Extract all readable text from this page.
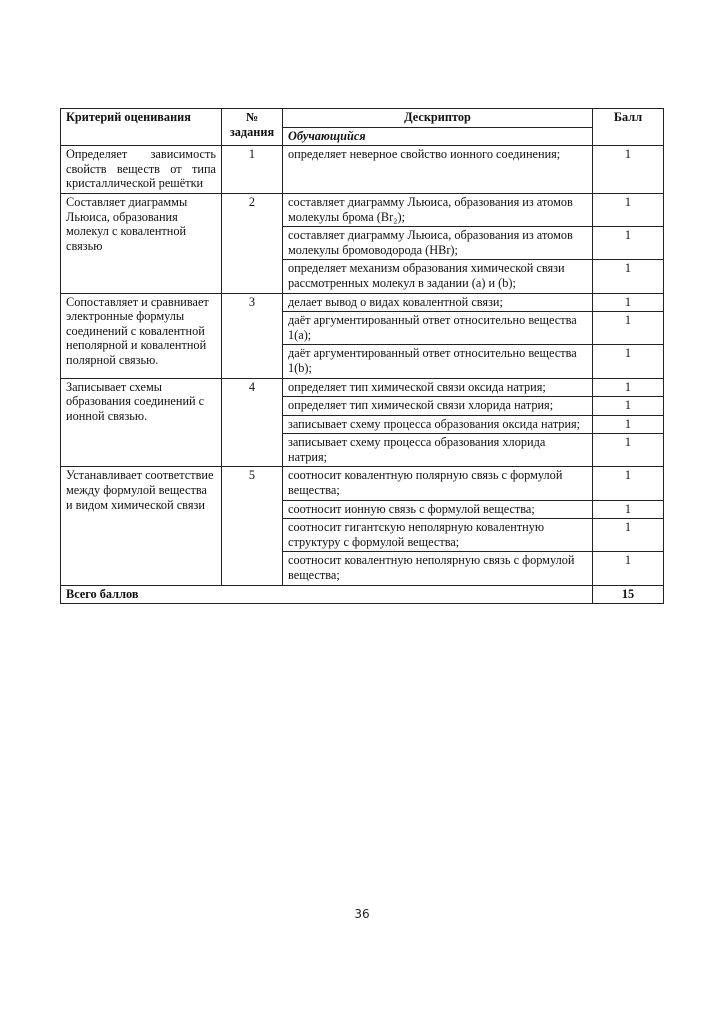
Критерий оценивания	№ задания	Дескриптор	Балл
		Обучающийся	
Определяет зависимость свойств веществ от типа кристаллической решётки	1	определяет неверное свойство ионного соединения;	1
Составляет диаграммы Льюиса, образования молекул с ковалентной связью	2	составляет диаграмму Льюиса, образования из атомов молекулы брома (Br₂);	1
		составляет диаграмму Льюиса, образования из атомов молекулы бромоводорода (HBr);	1
		определяет механизм образования химической связи рассмотренных молекул в задании (a) и (b);	1
Сопоставляет и сравнивает электронные формулы соединений с ковалентной неполярной и ковалентной полярной связью.	3	делает вывод о видах ковалентной связи;	1
		даёт аргументированный ответ относительно вещества 1(a);	1
		даёт аргументированный ответ относительно вещества 1(b);	1
Записывает схемы образования соединений с ионной связью.	4	определяет тип химической связи оксида натрия;	1
		определяет тип химической связи хлорида натрия;	1
		записывает схему процесса образования оксида натрия;	1
		записывает схему процесса образования хлорида натрия;	1
Устанавливает соответствие между формулой вещества и видом химической связи	5	соотносит ковалентную полярную связь с формулой вещества;	1
		соотносит ионную связь с формулой вещества;	1
		соотносит гигантскую неполярную ковалентную структуру с формулой вещества;	1
		соотносит ковалентную неполярную связь с формулой вещества;	1
Всего баллов			15
36
